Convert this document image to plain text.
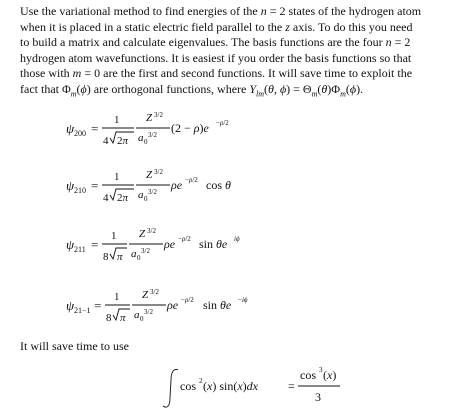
Use the variational method to find energies of the n = 2 states of the hydrogen atom
when it is placed in a static electric field parallel to the z axis. To do this you need
to build a matrix and calculate eigenvalues. The basis functions are the four n = 2
hydrogen atom wavefunctions. It is easiest if you order the basis functions so that
those with m = 0 are the first and second functions. It will save time to exploit the
fact that $\Phi_m(\phi)$ are orthogonal functions, where $Y_{lm}(\theta$, $\phi) = \Theta_m(\theta)\Phi_m(\phi)$.
ψ 200 =
1
4 2π
Z 3/2
a 0
3/2 (2 − ρ)e −ρ/2
ψ 210 =
1
4 2π
Z 3/2
a 0
3/2 ρe −ρ/2 cos θ
ψ 211 =
1
8 π
Z 3/2
a 0
3/2 ρe −ρ/2 sin θe iϕ
ψ 21−1 =
1
8 π
Z 3/2
a 0
3/2 ρe −ρ/2 sin θe −iϕ
It will save time to use
cos 2 (x) sin(x)dx	=
cos 3 (x)
3
